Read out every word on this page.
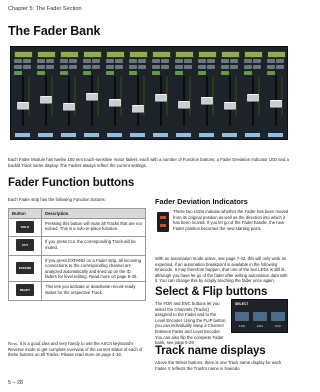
Chapter 5: The Fader Section
The Fader Bank
Each Fader Module has twelve 100 mm touch-sensitive motor faders, each with a number of Function buttons, a Fader Deviation Indicator LED and a backlit Track name display. The Faders always reflect the current settings.
Fader Function buttons
Each Fader strip has the following Function buttons:
Button	Description

SOLO	Pressing this button will mute all Tracks that are not soloed. This is a solo-in-place function.

CUT	If you press Cut, the corresponding Track will be muted.

EXPAND	If you press EXPAND on a Fader strip, all incoming connections to the corresponding channel are analyzed automatically and lined up on the ID faders for level editing. Read more on page 5-30.

READY	This lets you activate or deactivate record-ready status for the respective Track.
Note: It is a good idea and very handy to use the ASCII keyboard's Reverse mode to get complete overview of the current status of each of these buttons on all Tracks. Please read more on page 4-19.
Fader Deviation Indicators
These two LEDs indicate whether the Fader has been moved from its original position as well as the direction into which it has been moved. If you let go of the Fader handle, the new Fader position becomes the new starting point.
With an automation mode active, see page 7-42, this will only work as expected, if an automation breakpoint is available in the following timecode. It may therefore happen, that one of the two LEDs is still lit, although you have let go of the fader after writing automation data with it. You can change this by simply touching the fader once again.
Select & Flip buttons
The FDR and ENC buttons let you select the Channels (Tracks) assigned to the Fader and to the Level Encoder. Using the FLIP button, you can individually swap a Channel between Fader and Level Encoder. You can also flip the complete Fader bank, see page 5-29
SELECT
FDR	ENC	FLIP
Track name displays
Above the Select buttons, there is one Track name display for each Fader. It reflects the Track's name in Nuendo.
5 – 28
